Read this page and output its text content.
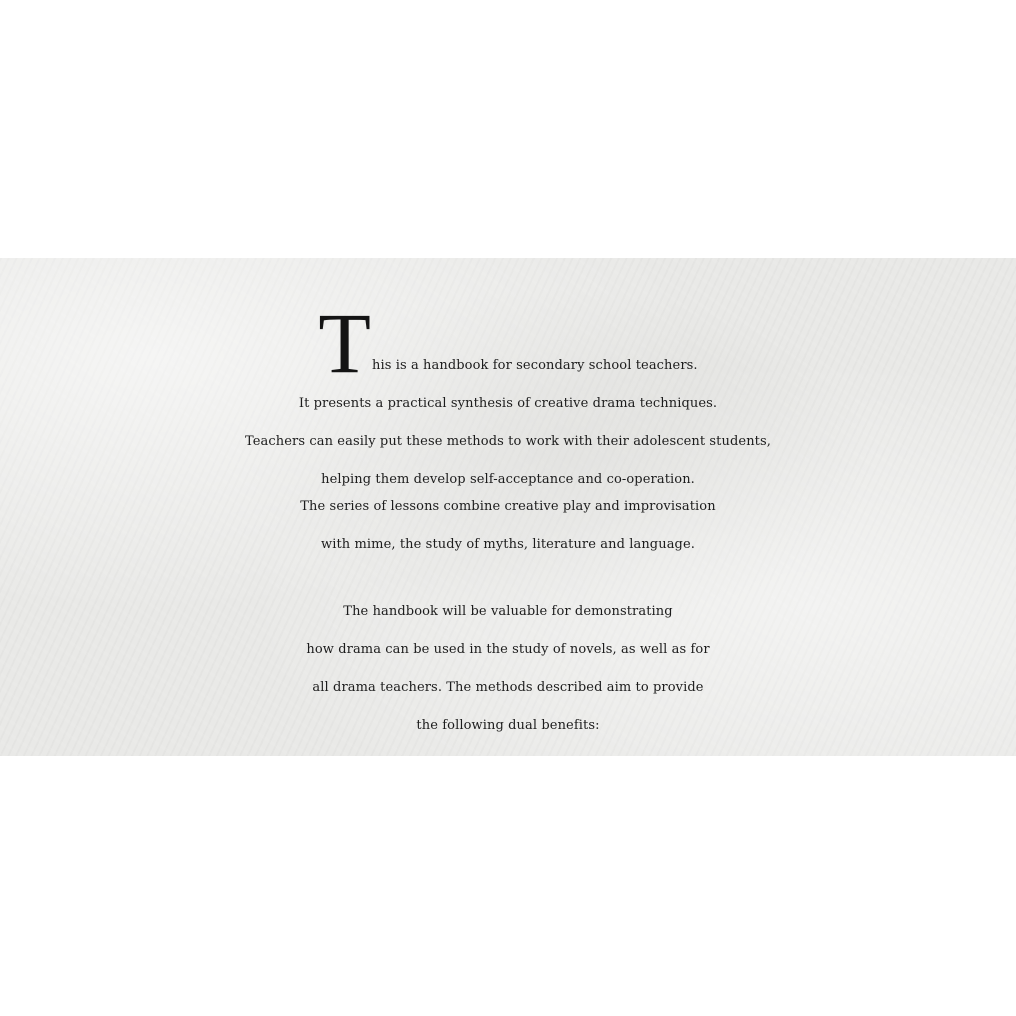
This is a handbook for secondary school teachers.
It presents a practical synthesis of creative drama techniques.
Teachers can easily put these methods to work with their adolescent students,
helping them develop self-acceptance and co-operation.
The series of lessons combine creative play and improvisation
with mime, the study of myths, literature and language.
The handbook will be valuable for demonstrating
how drama can be used in the study of novels, as well as for
all drama teachers. The methods described aim to provide
the following dual benefits:
